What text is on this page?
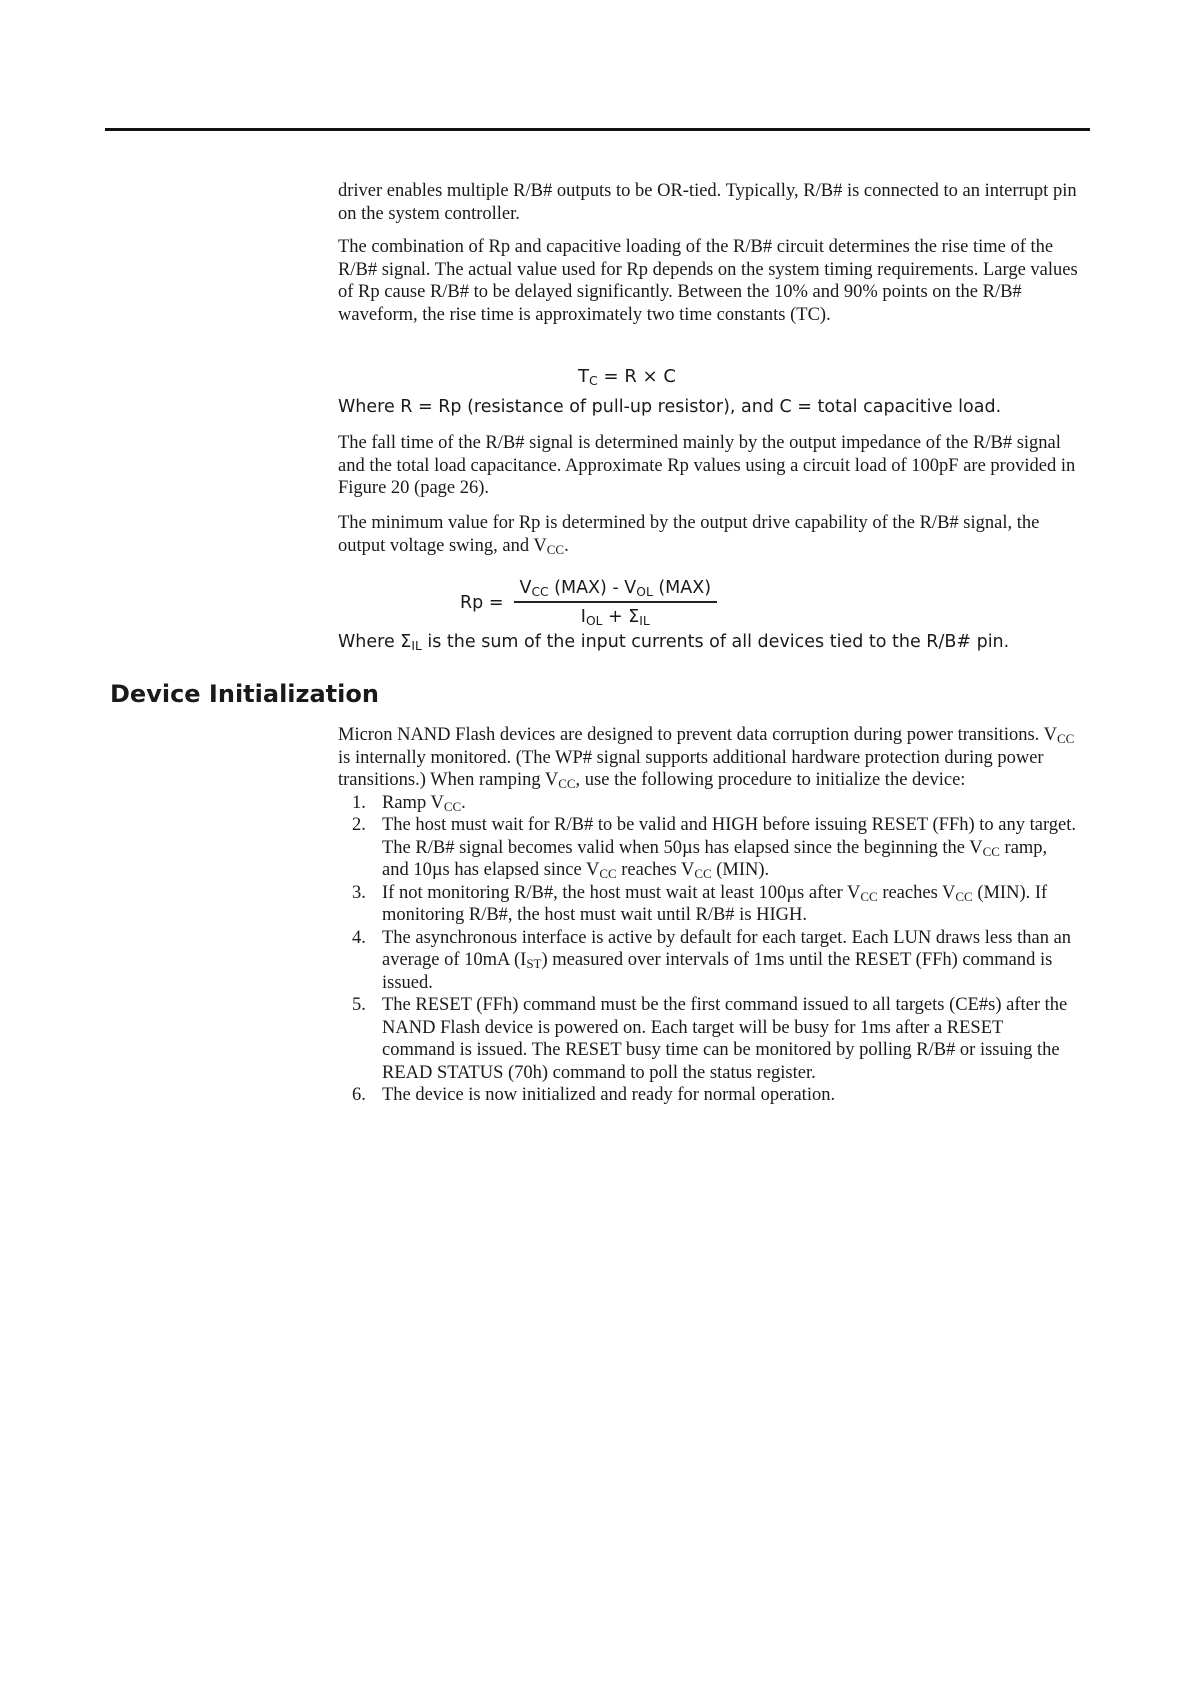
driver enables multiple R/B# outputs to be OR-tied. Typically, R/B# is connected to an interrupt pin on the system controller.

The combination of Rp and capacitive loading of the R/B# circuit determines the rise time of the R/B# signal. The actual value used for Rp depends on the system timing requirements. Large values of Rp cause R/B# to be delayed significantly. Between the 10% and 90% points on the R/B# waveform, the rise time is approximately two time constants (TC).

$T_C = R \times C$
Where R = Rp (resistance of pull-up resistor), and C = total capacitive load.

The fall time of the R/B# signal is determined mainly by the output impedance of the R/B# signal and the total load capacitance. Approximate Rp values using a circuit load of 100pF are provided in Figure 20 (page 26).

The minimum value for Rp is determined by the output drive capability of the R/B# signal, the output voltage swing, and $V_{CC}$.

$Rp = \frac{V_{CC} (MAX) - V_{OL} (MAX)}{I_{OL} + \Sigma_{IL}}$
Where $\Sigma_{IL}$ is the sum of the input currents of all devices tied to the R/B# pin.
Device Initialization

Micron NAND Flash devices are designed to prevent data corruption during power transitions. $V_{CC}$ is internally monitored. (The WP# signal supports additional hardware protection during power transitions.) When ramping $V_{CC}$, use the following procedure to initialize the device:

1. Ramp $V_{CC}$.
2. The host must wait for R/B# to be valid and HIGH before issuing RESET (FFh) to any target. The R/B# signal becomes valid when 50µs has elapsed since the beginning the $V_{CC}$ ramp, and 10µs has elapsed since $V_{CC}$ reaches $V_{CC}$ (MIN).
3. If not monitoring R/B#, the host must wait at least 100µs after $V_{CC}$ reaches $V_{CC}$ (MIN). If monitoring R/B#, the host must wait until R/B# is HIGH.
4. The asynchronous interface is active by default for each target. Each LUN draws less than an average of 10mA $(I_{ST})$ measured over intervals of 1ms until the RESET (FFh) command is issued.
5. The RESET (FFh) command must be the first command issued to all targets (CE#s) after the NAND Flash device is powered on. Each target will be busy for 1ms after a RESET command is issued. The RESET busy time can be monitored by polling R/B# or issuing the READ STATUS (70h) command to poll the status register.
6. The device is now initialized and ready for normal operation.
